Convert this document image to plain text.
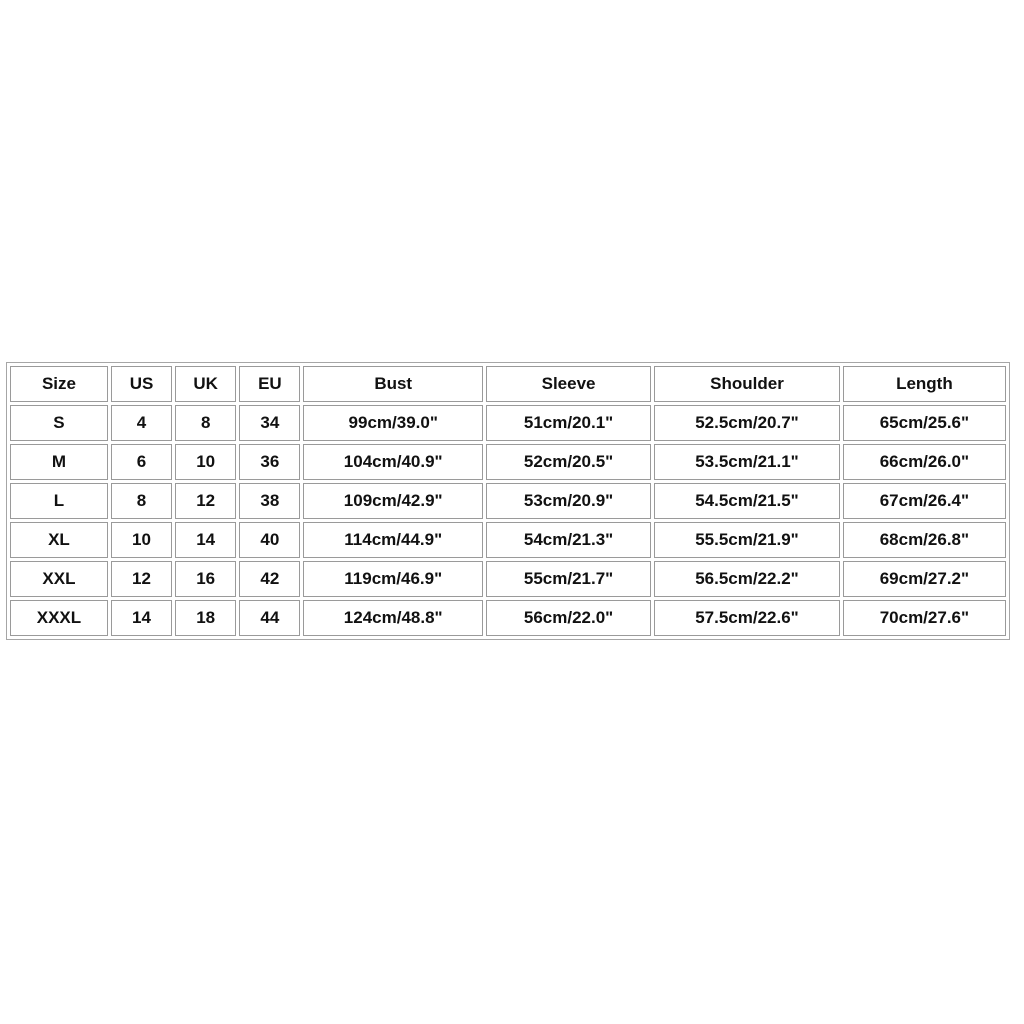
Size	US	UK	EU	Bust	Sleeve	Shoulder	Length
S	4	8	34	99cm/39.0"	51cm/20.1"	52.5cm/20.7"	65cm/25.6"
M	6	10	36	104cm/40.9"	52cm/20.5"	53.5cm/21.1"	66cm/26.0"
L	8	12	38	109cm/42.9"	53cm/20.9"	54.5cm/21.5"	67cm/26.4"
XL	10	14	40	114cm/44.9"	54cm/21.3"	55.5cm/21.9"	68cm/26.8"
XXL	12	16	42	119cm/46.9"	55cm/21.7"	56.5cm/22.2"	69cm/27.2"
XXXL	14	18	44	124cm/48.8"	56cm/22.0"	57.5cm/22.6"	70cm/27.6"
